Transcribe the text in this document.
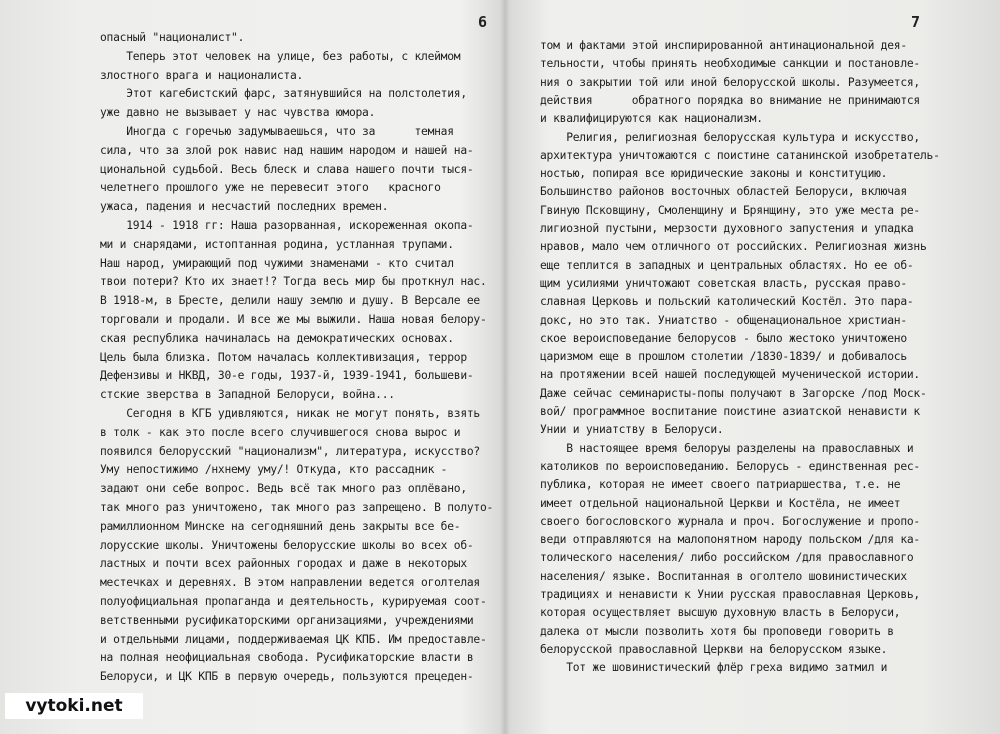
6
опасный "националист".
Теперь этот человек на улице, без работы, с клеймом
злостного врага и националиста.
Этот кагебистский фарс, затянувшийся на полстолетия,
уже давно не вызывает у нас чувства юмора.
Иногда с горечью задумываешься, что за      темная
сила, что за злой рок навис над нашим народом и нашей на-
циональной судьбой. Весь блеск и слава нашего почти тыся-
челетнего прошлого уже не перевесит этого   красного
ужаса, падения и несчастий последних времен.
1914 - 1918 гг: Наша разорванная, искореженная окопа-
ми и снарядами, истоптанная родина, устланная трупами.
Наш народ, умирающий под чужими знаменами - кто считал
твои потери? Кто их знает!? Тогда весь мир бы проткнул нас.
В 1918-м, в Бресте, делили нашу землю и душу. В Версале ее
торговали и продали. И все же мы выжили. Наша новая белору-
ская республика начиналась на демократических основах.
Цель была близка. Потом началась коллективизация, террор
Дефензивы и НКВД, 30-е годы, 1937-й, 1939-1941, большеви-
стские зверства в Западной Белоруси, война...
Сегодня в КГБ удивляются, никак не могут понять, взять
в толк - как это после всего случившегося снова вырос и
появился белорусский "национализм", литература, искусство?
Уму непостижимо /нхнему уму/! Откуда, кто рассадник -
задают они себе вопрос. Ведь всё так много раз оплёвано,
так много раз уничтожено, так много раз запрещено. В полуто-
рамиллионном Минске на сегодняшний день закрыты все бе-
лорусские школы. Уничтожены белорусские школы во всех об-
ластных и почти всех районных городах и даже в некоторых
местечках и деревнях. В этом направлении ведется оголтелая
полуофициальная пропаганда и деятельность, курируемая соот-
ветственными русификаторскими организациями, учреждениями
и отдельными лицами, поддерживаемая ЦК КПБ. Им предоставле-
на полная неофициальная свобода. Русификаторские власти в
Белоруси, и ЦК КПБ в первую очередь, пользуются прецеден-
7
том и фактами этой инспирированной антинациональной дея-
тельности, чтобы принять необходимые санкции и постановле-
ния о закрытии той или иной белорусской школы. Разумеется,
действия      обратного порядка во внимание не принимаются
и квалифицируются как национализм.
Религия, религиозная белорусская культура и искусство,
архитектура уничтожаются с поистине сатанинской изобретатель-
ностью, попирая все юридические законы и конституцию.
Большинство районов восточных областей Белоруси, включая
Гвиную Псковщину, Смоленщину и Брянщину, это уже места ре-
лигиозной пустыни, мерзости духовного запустения и упадка
нравов, мало чем отличного от российских. Религиозная жизнь
еще теплится в западных и центральных областях. Но ее об-
щим усилиями уничтожают советская власть, русская право-
славная Церковь и польский католический Костёл. Это пара-
докс, но это так. Униатство - общенациональное христиан-
ское вероисповедание белорусов - было жестоко уничтожено
царизмом еще в прошлом столетии /1830-1839/ и добивалось
на протяжении всей нашей последующей мученической истории.
Даже сейчас семинаристы-попы получают в Загорске /под Моск-
вой/ программное воспитание поистине азиатской ненависти к
Унии и униатству в Белоруси.
В настоящее время белоруы разделены на православных и
католиков по вероисповеданию. Белорусь - единственная рес-
публика, которая не имеет своего патриаршества, т.е. не
имеет отдельной национальной Церкви и Костёла, не имеет
своего богословского журнала и проч. Богослужение и пропо-
веди отправляются на малопонятном народу польском /для ка-
толического населения/ либо российском /для православного
населения/ языке. Воспитанная в оголтело шовинистических
традициях и ненависти к Унии русская православная Церковь,
которая осуществляет высшую духовную власть в Белоруси,
далека от мысли позволить хотя бы проповеди говорить в
белорусской православной Церкви на белорусском языке.
Тот же шовинистический флёр греха видимо затмил и
vytoki.net
